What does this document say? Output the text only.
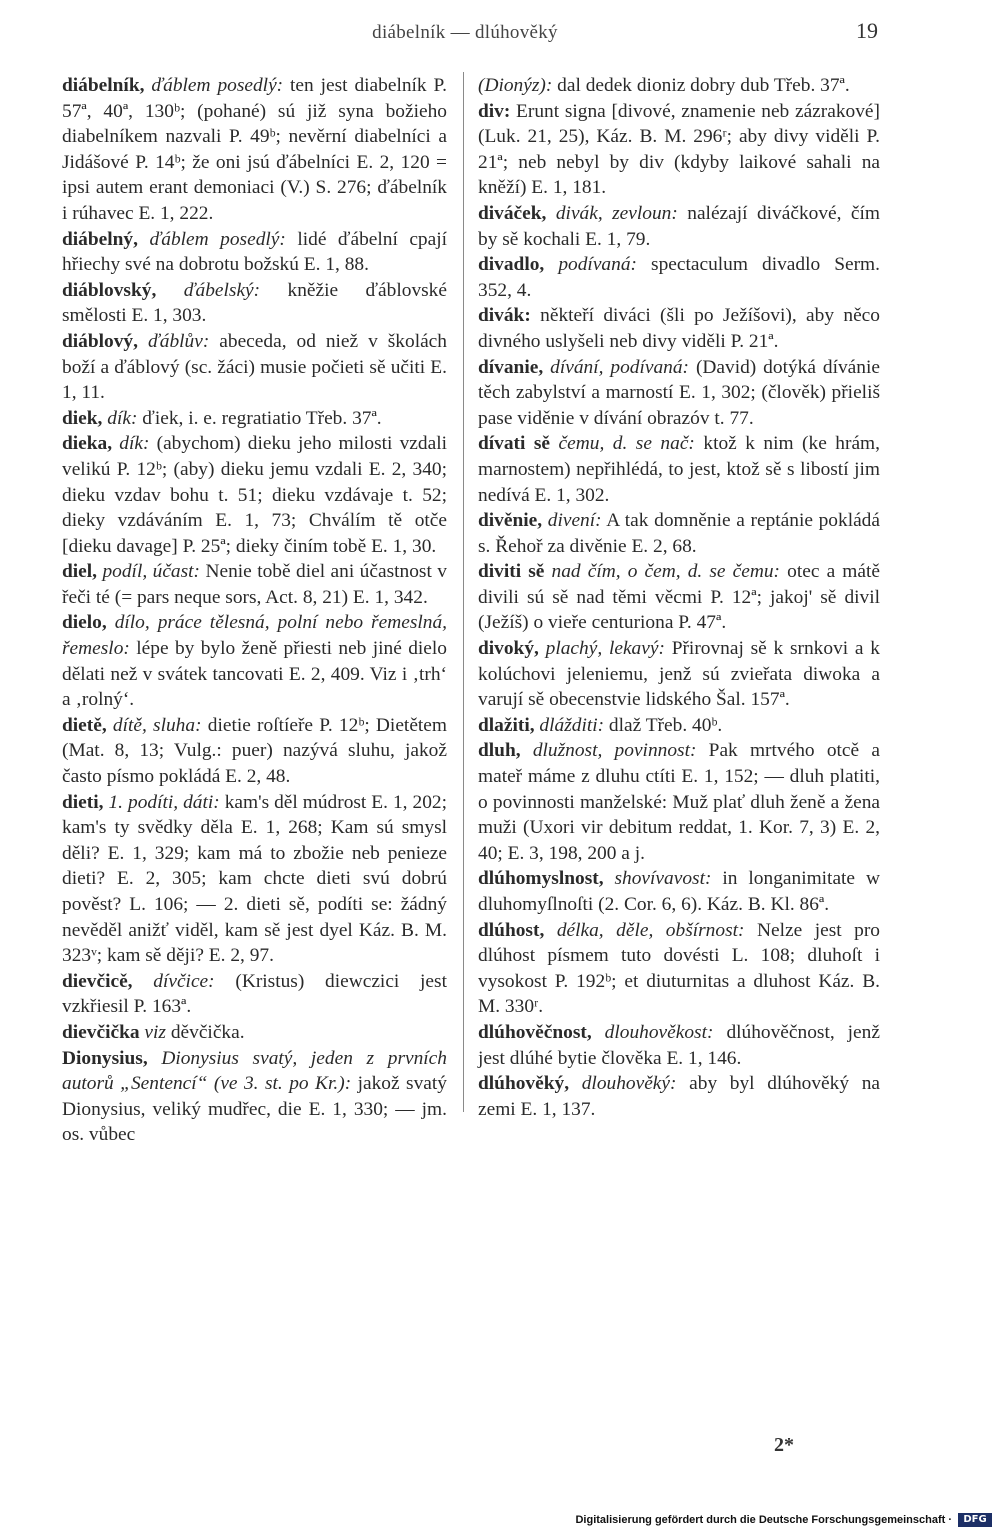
diábelník — dlúhověký	19

diábelník, ďáblem posedlý: ten jest diabelník P. 57ª, 40ª, 130ᵇ; (pohané) sú již syna božieho diabelníkem nazvali P. 49ᵇ; nevěrní diabelníci a Jidášové P. 14ᵇ; že oni jsú ďábelníci E. 2, 120 = ipsi autem erant demoniaci (V.) S. 276; ďábelník i rúhavec E. 1, 222.

diábelný, ďáblem posedlý: lidé ďábelní cpají hřiechy své na dobrotu božskú E. 1, 88.

diáblovský, ďábelský: kněžie ďáblovské smělosti E. 1, 303.

diáblový, ďáblův: abeceda, od niež v školách boží a ďáblový (sc. žáci) musie počieti sě učiti E. 1, 11.

diek, dík: ďiek, i. e. regratiatio Třeb. 37ª.

dieka, dík: (abychom) dieku jeho milosti vzdali velikú P. 12ᵇ; (aby) dieku jemu vzdali E. 2, 340; dieku vzdav bohu t. 51; dieku vzdávaje t. 52; dieky vzdáváním E. 1, 73; Chválím tě otče [dieku davage] P. 25ª; dieky činím tobě E. 1, 30.

diel, podíl, účast: Nenie tobě diel ani účastnost v řeči té (= pars neque sors, Act. 8, 21) E. 1, 342.

dielo, dílo, práce tělesná, polní nebo řemeslná, řemeslo: lépe by bylo ženě přiesti neb jiné dielo dělati než v svátek tancovati E. 2, 409. Viz i ‚trh‘ a ‚rolný‘.

dietě, dítě, sluha: dietie roſtíeře P. 12ᵇ; Dietětem (Mat. 8, 13; Vulg.: puer) nazývá sluhu, jakož často písmo pokládá E. 2, 48.

dieti, 1. podíti, dáti: kam's děl múdrost E. 1, 202; kam's ty svědky děla E. 1, 268; Kam sú smysl děli? E. 1, 329; kam má to zbožie neb penieze dieti? E. 2, 305; kam chcte dieti svú dobrú pověst? L. 106; — 2. dieti sě, podíti se: žádný nevěděl anižť viděl, kam sě jest dyel Káz. B. M. 323ᵛ; kam sě ději? E. 2, 97.

dievčicě, dívčice: (Kristus) diewczici jest vzkřiesil P. 163ª.

dievčička viz děvčička.

Dionysius, Dionysius svatý, jeden z prvních autorů „Sentencí“ (ve 3. st. po Kr.): jakož svatý Dionysius, veliký mudřec, die E. 1, 330; — jm. os. vůbec

(Dionýz): dal dedek dioniz dobry dub Třeb. 37ª.

div: Erunt signa [divové, znamenie neb zázrakové] (Luk. 21, 25), Káz. B. M. 296ʳ; aby divy viděli P. 21ª; neb nebyl by div (kdyby laikové sahali na kněží) E. 1, 181.

diváček, divák, zevloun: nalézají diváčkové, čím by sě kochali E. 1, 79.

divadlo, podívaná: spectaculum divadlo Serm. 352, 4.

divák: někteří diváci (šli po Ježíšovi), aby něco divného uslyšeli neb divy viděli P. 21ª.

dívanie, dívání, podívaná: (David) dotýká dívánie těch zabylství a marností E. 1, 302; (člověk) přieliš pase viděnie v dívání obrazóv t. 77.

dívati sě čemu, d. se nač: ktož k nim (ke hrám, marnostem) nepřihlédá, to jest, ktož sě s libostí jim nedívá E. 1, 302.

divěnie, divení: A tak domněnie a reptánie pokládá s. Řehoř za divěnie E. 2, 68.

diviti sě nad čím, o čem, d. se čemu: otec a mátě divili sú sě nad těmi věcmi P. 12ª; jakoj' sě divil (Ježíš) o vieře centuriona P. 47ª.

divoký, plachý, lekavý: Přirovnaj sě k srnkovi a k kolúchovi jeleniemu, jenž sú zvieřata diwoka a varují sě obecenstvie lidského Šal. 157ª.

dlažiti, dlážditi: dlaž Třeb. 40ᵇ.

dluh, dlužnost, povinnost: Pak mrtvého otcě a mateř máme z dluhu ctíti E. 1, 152; — dluh platiti, o povinnosti manželské: Muž plať dluh ženě a žena muži (Uxori vir debitum reddat, 1. Kor. 7, 3) E. 2, 40; E. 3, 198, 200 a j.

dlúhomyslnost, shovívavost: in longanimitate w dluhomyſlnoſti (2. Cor. 6, 6). Káz. B. Kl. 86ª.

dlúhost, délka, děle, obšírnost: Nelze jest pro dlúhost písmem tuto dovésti L. 108; dluhoſt i vysokost P. 192ᵇ; et diuturnitas a dluhost Káz. B. M. 330ʳ.

dlúhověčnost, dlouhověkost: dlúhověčnost, jenž jest dlúhé bytie člověka E. 1, 146.

dlúhověký, dlouhověký: aby byl dlúhověký na zemi E. 1, 137.

2*
Digitalisierung gefördert durch die Deutsche Forschungsgemeinschaft ·	DFG
